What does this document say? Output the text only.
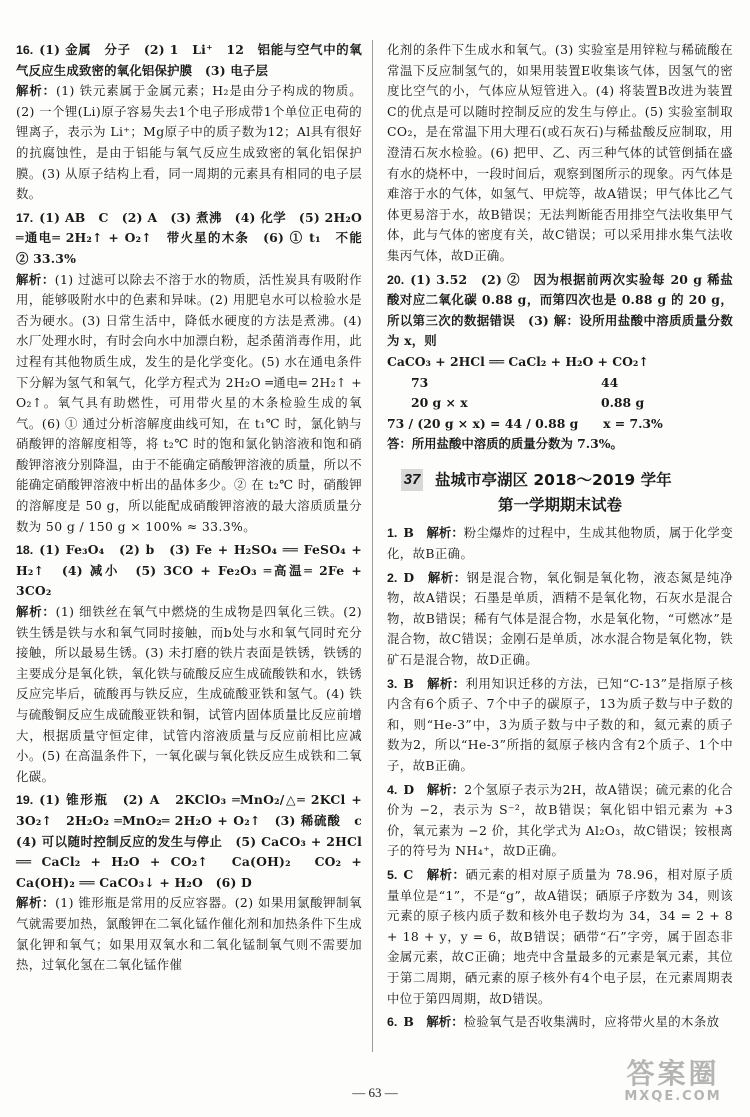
16. (1) 金属　分子　(2) 1　Li⁺　12　铝能与空气中的氧气反应生成致密的氧化铝保护膜　(3) 电子层

解析：(1) 铁元素属于金属元素；H₂是由分子构成的物质。(2) 一个锂(Li)原子容易失去1个电子形成带1个单位正电荷的锂离子，表示为 Li⁺；Mg原子中的质子数为12；Al具有很好的抗腐蚀性，是由于铝能与氧气反应生成致密的氧化铝保护膜。(3) 从原子结构上看，同一周期的元素具有相同的电子层数。

17. (1) AB　C　(2) A　(3) 煮沸　(4) 化学　(5) 2H₂O ═通电═ 2H₂↑ + O₂↑　带火星的木条　(6) ① t₁　不能　② 33.3%

解析：(1) 过滤可以除去不溶于水的物质，活性炭具有吸附作用，能够吸附水中的色素和异味。(2) 用肥皂水可以检验水是否为硬水。(3) 日常生活中，降低水硬度的方法是煮沸。(4) 水厂处理水时，有时会向水中加漂白粉，起杀菌消毒作用，此过程有其他物质生成，发生的是化学变化。(5) 水在通电条件下分解为氢气和氧气，化学方程式为 2H₂O ═通电═ 2H₂↑ + O₂↑。氧气具有助燃性，可用带火星的木条检验生成的氧气。(6) ① 通过分析溶解度曲线可知，在 t₁℃ 时，氯化钠与硝酸钾的溶解度相等，将 t₂℃ 时的饱和氯化钠溶液和饱和硝酸钾溶液分别降温，由于不能确定硝酸钾溶液的质量，所以不能确定硝酸钾溶液中析出的晶体多少。② 在 t₂℃ 时，硝酸钾的溶解度是 50 g，所以能配成硝酸钾溶液的最大溶质质量分数为 50 g / 150 g × 100% ≈ 33.3%。

18. (1) Fe₃O₄　(2) b　(3) Fe + H₂SO₄ ══ FeSO₄ + H₂↑　(4) 减小　(5) 3CO + Fe₂O₃ ═高温═ 2Fe + 3CO₂

解析：(1) 细铁丝在氧气中燃烧的生成物是四氧化三铁。(2) 铁生锈是铁与水和氧气同时接触，而b处与水和氧气同时充分接触，所以最易生锈。(3) 未打磨的铁片表面是铁锈，铁锈的主要成分是氧化铁，氧化铁与硫酸反应生成硫酸铁和水，铁锈反应完毕后，硫酸再与铁反应，生成硫酸亚铁和氢气。(4) 铁与硫酸铜反应生成硫酸亚铁和铜，试管内固体质量比反应前增大，根据质量守恒定律，试管内溶液质量与反应前相比应减小。(5) 在高温条件下，一氧化碳与氧化铁反应生成铁和二氧化碳。

19. (1) 锥形瓶　(2) A　2KClO₃ ═MnO₂/△═ 2KCl + 3O₂↑　2H₂O₂ ═MnO₂═ 2H₂O + O₂↑　(3) 稀硫酸　c　(4) 可以随时控制反应的发生与停止　(5) CaCO₃ + 2HCl ══ CaCl₂ + H₂O + CO₂↑　Ca(OH)₂　CO₂ + Ca(OH)₂ ══ CaCO₃↓ + H₂O　(6) D

解析：(1) 锥形瓶是常用的反应容器。(2) 如果用氯酸钾制氧气就需要加热，氯酸钾在二氧化锰作催化剂和加热条件下生成氯化钾和氧气；如果用双氧水和二氧化锰制氧气则不需要加热，过氧化氢在二氧化锰作催

化剂的条件下生成水和氧气。(3) 实验室是用锌粒与稀硫酸在常温下反应制氢气的，如果用装置E收集该气体，因氢气的密度比空气的小，气体应从短管进入。(4) 将装置B改进为装置C的优点是可以随时控制反应的发生与停止。(5) 实验室制取CO₂，是在常温下用大理石(或石灰石)与稀盐酸反应制取，用澄清石灰水检验。(6) 把甲、乙、丙三种气体的试管倒插在盛有水的烧杯中，一段时间后，观察到图所示的现象。丙气体是难溶于水的气体，如氢气、甲烷等，故A错误；甲气体比乙气体更易溶于水，故B错误；无法判断能否用排空气法收集甲气体，此与气体的密度有关，故C错误；可以采用排水集气法收集丙气体，故D正确。

20. (1) 3.52　(2) ②　因为根据前两次实验每 20 g 稀盐酸对应二氧化碳 0.88 g，而第四次也是 0.88 g 的 20 g，所以第三次的数据错误　(3) 解：设所用盐酸中溶质质量分数为 x，则

CaCO₃ + 2HCl ══ CaCl₂ + H₂O + CO₂↑

73	44
20 g × x	0.88 g

73 / (20 g × x) = 44 / 0.88 g　　x = 7.3%

答：所用盐酸中溶质的质量分数为 7.3%。

37 盐城市亭湖区 2018～2019 学年
第一学期期末试卷

1. B　 解析：粉尘爆炸的过程中，生成其他物质，属于化学变化，故B正确。

2. D　 解析：钢是混合物，氧化铜是氧化物，液态氮是纯净物，故A错误；石墨是单质，酒精不是氧化物，石灰水是混合物，故B错误；稀有气体是混合物，水是氧化物，“可燃冰”是混合物，故C错误；金刚石是单质，冰水混合物是氧化物，铁矿石是混合物，故D正确。

3. B　 解析：利用知识迁移的方法，已知“C-13”是指原子核内含有6个质子、7个中子的碳原子，13为质子数与中子数的和，则“He-3”中，3为质子数与中子数的和，氦元素的质子数为2，所以“He-3”所指的氦原子核内含有2个质子、1个中子，故B正确。

4. D　 解析：2个氢原子表示为2H，故A错误；硫元素的化合价为 −2，表示为 S⁻²，故B错误；氧化铝中铝元素为 +3 价，氧元素为 −2 价，其化学式为 Al₂O₃，故C错误；铵根离子的符号为 NH₄⁺，故D正确。

5. C　 解析：硒元素的相对原子质量为 78.96，相对原子质量单位是“1”，不是“g”，故A错误；硒原子序数为 34，则该元素的原子核内质子数和核外电子数均为 34，34 = 2 + 8 + 18 + y，y = 6，故B错误；硒带“石”字旁，属于固态非金属元素，故C正确；地壳中含量最多的元素是氧元素，其位于第二周期，硒元素的原子核外有4个电子层，在元素周期表中位于第四周期，故D错误。

6. B　 解析：检验氧气是否收集满时，应将带火星的木条放

— 63 —
答案圈
MXQE.COM
